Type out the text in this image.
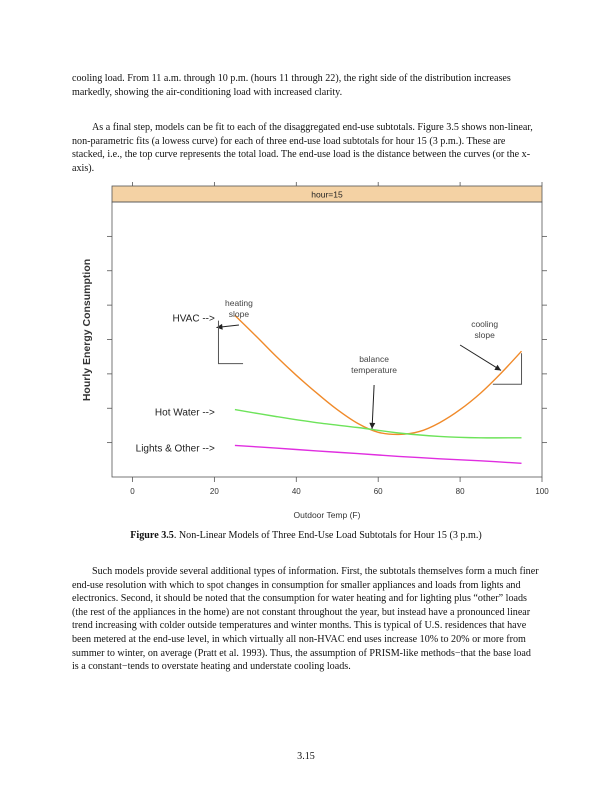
cooling load. From 11 a.m. through 10 p.m. (hours 11 through 22), the right side of the distribution increases markedly, showing the air-conditioning load with increased clarity.

As a final step, models can be fit to each of the disaggregated end-use subtotals. Figure 3.5 shows non-linear, non-parametric fits (a lowess curve) for each of three end-use load subtotals for hour 15 (3 p.m.). These are stacked, i.e., the top curve represents the total load. The end-use load is the distance between the curves (or the x-axis).

Hourly Energy Consumption
hour=15
0	20	40	60	80	100
HVAC -->
Hot Water -->
Lights & Other -->
heating
slope
cooling
slope
balance
temperature
Outdoor Temp (F)

Figure 3.5. Non-Linear Models of Three End-Use Load Subtotals for Hour 15 (3 p.m.)

Such models provide several additional types of information. First, the subtotals themselves form a much finer end-use resolution with which to spot changes in consumption for smaller appliances and loads from lights and electronics. Second, it should be noted that the consumption for water heating and for lighting plus “other” loads (the rest of the appliances in the home) are not constant throughout the year, but instead have a pronounced linear trend increasing with colder outside temperatures and winter months. This is typical of U.S. residences that have been metered at the end-use level, in which virtually all non-HVAC end uses increase 10% to 20% or more from summer to winter, on average (Pratt et al. 1993). Thus, the assumption of PRISM-like methods−that the base load is a constant−tends to overstate heating and understate cooling loads.

3.15
